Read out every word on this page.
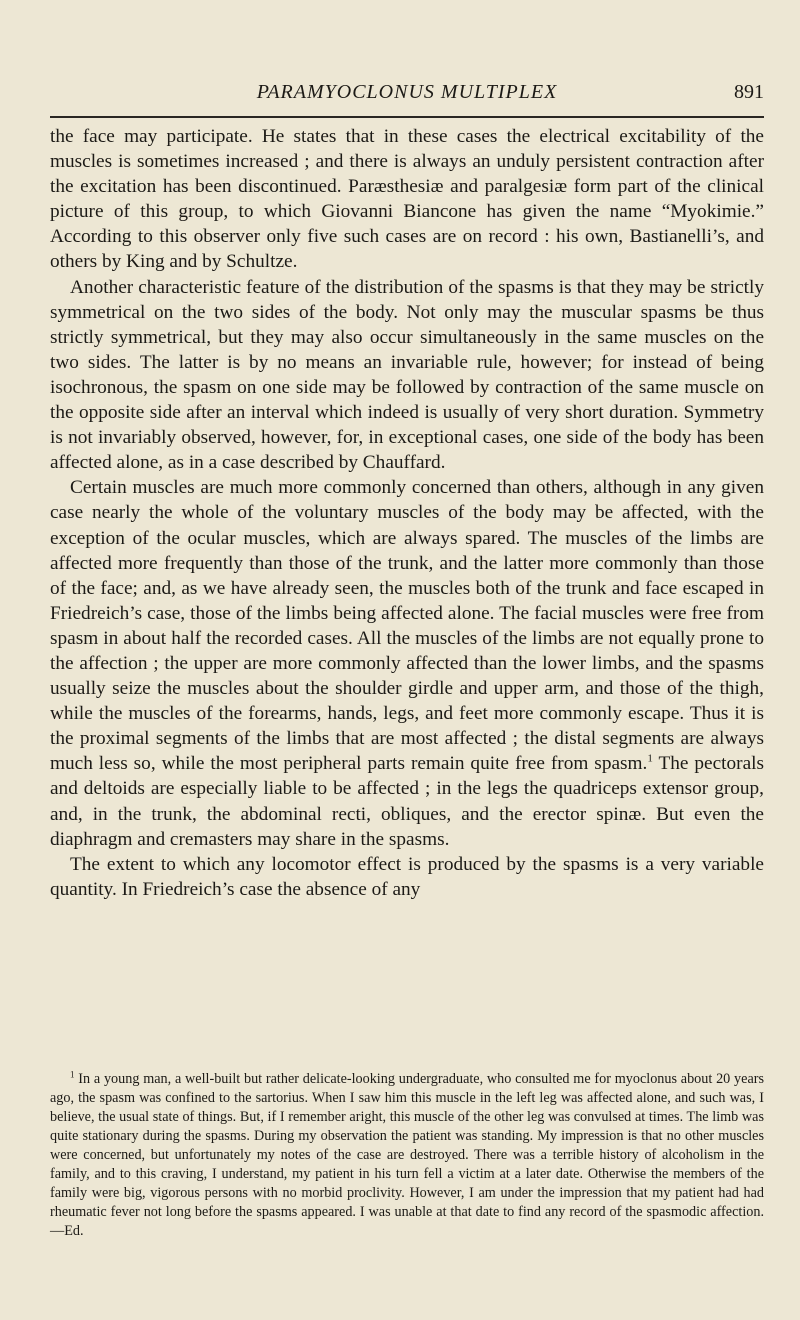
PARAMYOCLONUS MULTIPLEX	891

the face may participate. He states that in these cases the electrical excitability of the muscles is sometimes increased ; and there is always an unduly persistent contraction after the excitation has been discontinued. Paræsthesiæ and paralgesiæ form part of the clinical picture of this group, to which Giovanni Biancone has given the name “Myokimie.” According to this observer only five such cases are on record : his own, Bastianelli’s, and others by King and by Schultze.

Another characteristic feature of the distribution of the spasms is that they may be strictly symmetrical on the two sides of the body. Not only may the muscular spasms be thus strictly symmetrical, but they may also occur simultaneously in the same muscles on the two sides. The latter is by no means an invariable rule, however; for instead of being isochronous, the spasm on one side may be followed by contraction of the same muscle on the opposite side after an interval which indeed is usually of very short duration. Symmetry is not invariably observed, however, for, in exceptional cases, one side of the body has been affected alone, as in a case described by Chauffard.

Certain muscles are much more commonly concerned than others, although in any given case nearly the whole of the voluntary muscles of the body may be affected, with the exception of the ocular muscles, which are always spared. The muscles of the limbs are affected more frequently than those of the trunk, and the latter more commonly than those of the face; and, as we have already seen, the muscles both of the trunk and face escaped in Friedreich’s case, those of the limbs being affected alone. The facial muscles were free from spasm in about half the recorded cases. All the muscles of the limbs are not equally prone to the affection ; the upper are more commonly affected than the lower limbs, and the spasms usually seize the muscles about the shoulder girdle and upper arm, and those of the thigh, while the muscles of the forearms, hands, legs, and feet more commonly escape. Thus it is the proximal segments of the limbs that are most affected ; the distal segments are always much less so, while the most peripheral parts remain quite free from spasm.$^1$ The pectorals and deltoids are especially liable to be affected ; in the legs the quadriceps extensor group, and, in the trunk, the abdominal recti, obliques, and the erector spinæ. But even the diaphragm and cremasters may share in the spasms.

The extent to which any locomotor effect is produced by the spasms is a very variable quantity. In Friedreich’s case the absence of any

$^1$ In a young man, a well-built but rather delicate-looking undergraduate, who consulted me for myoclonus about 20 years ago, the spasm was confined to the sartorius. When I saw him this muscle in the left leg was affected alone, and such was, I believe, the usual state of things. But, if I remember aright, this muscle of the other leg was convulsed at times. The limb was quite stationary during the spasms. During my observation the patient was standing. My impression is that no other muscles were concerned, but unfortunately my notes of the case are destroyed. There was a terrible history of alcoholism in the family, and to this craving, I understand, my patient in his turn fell a victim at a later date. Otherwise the members of the family were big, vigorous persons with no morbid proclivity. However, I am under the impression that my patient had had rheumatic fever not long before the spasms appeared. I was unable at that date to find any record of the spasmodic affection.—Ed.
